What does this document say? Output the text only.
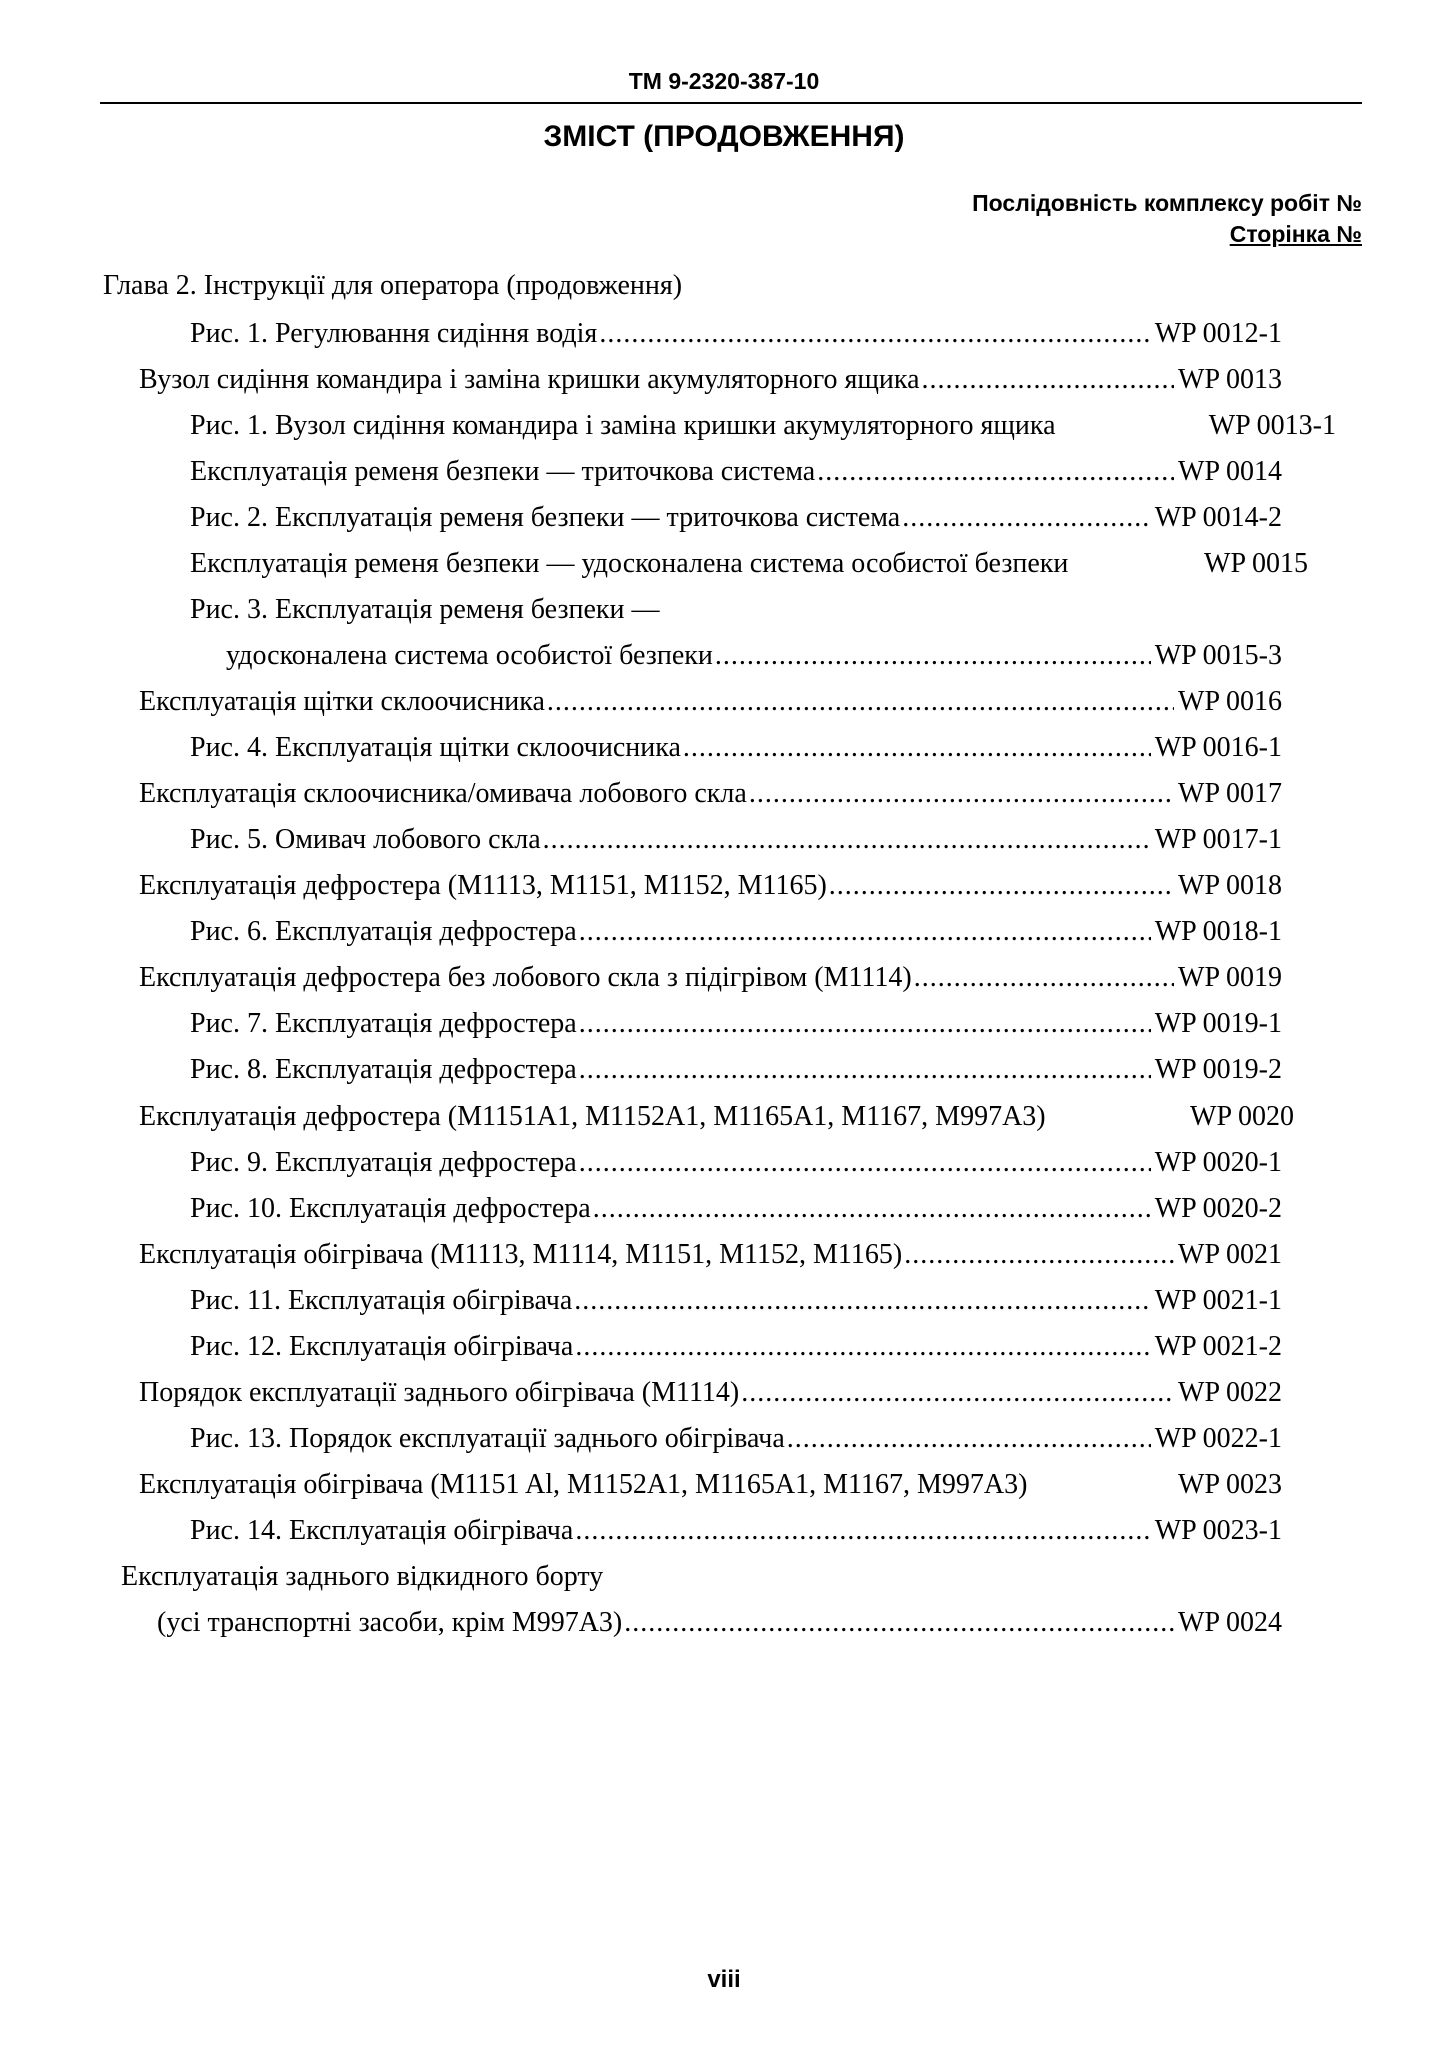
TM 9-2320-387-10
ЗМІСТ (ПРОДОВЖЕННЯ)
Послідовність комплексу робіт №
Сторінка №
Глава 2. Інструкції для оператора (продовження)
Рис. 1. Регулювання сидіння водія .....	WP 0012-1
Вузол сидіння командира і заміна кришки акумуляторного ящика .....	WP 0013
Рис. 1. Вузол сидіння командира і заміна кришки акумуляторного ящика	WP 0013-1
Експлуатація ременя безпеки — триточкова система .....	WP 0014
Рис. 2. Експлуатація ременя безпеки — триточкова система .....	WP 0014-2
Експлуатація ременя безпеки — удосконалена система особистої безпеки	WP 0015
Рис. 3. Експлуатація ременя безпеки —
удосконалена система особистої безпеки .....	WP 0015-3
Експлуатація щітки склоочисника .....	WP 0016
Рис. 4. Експлуатація щітки склоочисника .....	WP 0016-1
Експлуатація склоочисника/омивача лобового скла .....	WP 0017
Рис. 5. Омивач лобового скла .....	WP 0017-1
Експлуатація дефростера (M1113, M1151, M1152, M1165) .....	WP 0018
Рис. 6. Експлуатація дефростера .....	WP 0018-1
Експлуатація дефростера без лобового скла з підігрівом (M1114) .....	WP 0019
Рис. 7. Експлуатація дефростера .....	WP 0019-1
Рис. 8. Експлуатація дефростера .....	WP 0019-2
Експлуатація дефростера (M1151A1, M1152A1, M1165A1, M1167, M997A3)	WP 0020
Рис. 9. Експлуатація дефростера .....	WP 0020-1
Рис. 10. Експлуатація дефростера .....	WP 0020-2
Експлуатація обігрівача (M1113, M1114, M1151, M1152, M1165) .....	WP 0021
Рис. 11. Експлуатація обігрівача .....	WP 0021-1
Рис. 12. Експлуатація обігрівача .....	WP 0021-2
Порядок експлуатації заднього обігрівача (M1114) .....	WP 0022
Рис. 13. Порядок експлуатації заднього обігрівача .....	WP 0022-1
Експлуатація обігрівача (M1151 Al, M1152A1, M1165A1, M1167, M997A3)	WP 0023
Рис. 14. Експлуатація обігрівача .....	WP 0023-1
Експлуатація заднього відкидного борту
(усі транспортні засоби, крім M997A3) .....	WP 0024
viii
